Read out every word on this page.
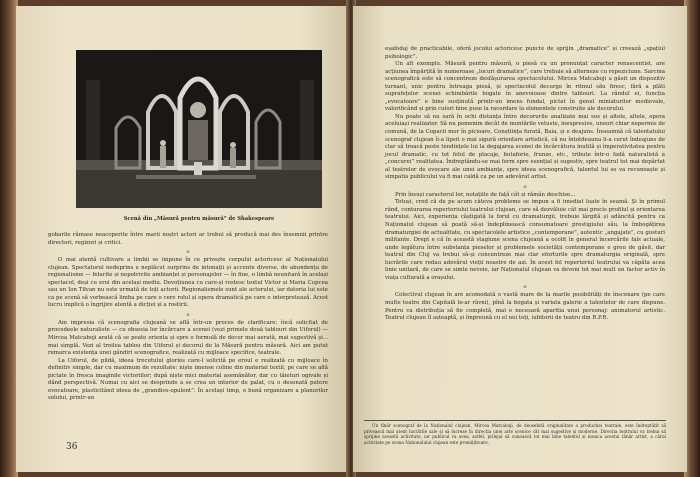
Scenă din „Măsură pentru măsură” de Shakespeare

gobarile rămase neacoperite între marii noștri actori ar trebui să producă mai des însemnii printre directori, regizori și critici.

o

O mai atentă cultivare a limbii se impune în ce privește corpului actoricesc al Naționalului clujean. Spectatorul nedeprins e neplăcut surprins de intonații și accente diverse, de abundența de regionalisme — felurite și nepotrivite ambianței și personajelor — în fine, o limbă neunitară în același spectacol, deși cu eroi din același mediu. Devoțiunea cu care-și rostesc textul Victor și Maria Cupcea sau un Ion Tilvan nu este urmată de toți actorii. Regionalismele sunt ale actorului, iar datoria lui este ca pe scenă să vorbească limba pe care o cere rolul și opera dramatică pe care o interpretează. Acest lucru implică o îngrijire atentă a dicției și a rostirii.

o

Am impresia că scenografia clujeană se află într-un proces de clarificare: încă solicitat de procedeele naturaliste — cu obsesia lor încărcare a scenei (vezi primele două tablouri din Uiforul) — Mircea Matcaboji arată că se poate orienta și spre o formulă de decor mai aerată, mai sugestivă și... mai simplă. Vezi al treilea tablou din Uiforul și decorul de la Măsură pentru măsură. Aici am putut remarca existența unei gândiri scenografice, realizată cu mijloace specifice, teatrale.

La Uiforul, de pildă, ideea trecutului glorios care-l solicită pe eroul e realizată cu mijloace în definitiv simple, dar cu maximum de rezultate: niște imense coline din material textil, pe care se află pictate în fresca imaginile victoriilor; după niște mici material asemănător, dar cu tăieturi ogivale și dând perspectivă. Numai cu aici se desprinde a se crea un interior de palat, cu o desenată putere evocatoare, plasticitând ideea de „grandios-opulent”. În același timp, o bună organizare a planurilor solului, printr-un

36

eșafodaj de practicabile, oferă jocului actoricesc puncte de sprijin „dramatice” și creează „spațiul psihologic”.

Un alt exemplu. Măsură pentru măsură, o piesă cu un pronunțat caracter renascentist, are acțiunea împărțită în numeroase „locuri dramatice”, care trebuie să alterneze cu repeziciune. Sarcina scenograficǎ este să concentreze desfășurarea spectacolului. Mircea Matcaboji a găsit un dispozitiv turnant, unic pentru întreaga piesă, și spectacolul decurge în ritmul său firesc, fără a plăti suprafețelor scenei schimbările bogate în anevoioase dintre tablouri. La rândul ei, funcția „evocatoare” e bine susținută printr-un imens fundal, pictat în genul miniaturilor medievale, valorificând și prin culori bine puse la racordare la elementele construite ale decorului.

Nu poate să nu sară în ochi distanța între decorurile analizate mai sus și altele, altele, opera aceluiași realizator. Să nu pomenim decât de montările vetuste, inexpresive, uneori chiar nepermis de comună, de la Copacii mor în picioare, Conștiința furată, Baia, și e deajuns. Înseamnă că talentatului scenograf clujean îi-a lipsit o mai sigură orientare artistică, că nu întotdeauna li-a cerut îndeajuns de clar să treacă peste tendințele lui la degajarea scenei de încărcătura inutilă și împerativitatea pentru jocul dramatic, cu tot felul de placaje, butaforie, frunze, etc., tribute într-o fadă naturalistă a „concurei” realitatea. Îndreptându-se mai ferm spre esențial și sugestiv, spre teatrul tot mai depărtat al teatrelor de evocare ale unei ambianțe, spre ideea scenografică, talentul lui se va recunoaște și simpatia publicului va fi mai caldă ca pe un adevărat artist.

o

Prin însuși caracterul lor, notațiile de față cât și rămân deschise...

Totuși, cred că de pe acum câteva probleme se impun a fi imediat luate în seamă. Și în primul rând, conturarea repertoriului teatrului clujean, care să dezvăluie cât mai precis profilul și orientarea teatrului. Aici, experiența câștigată la forul cu dramaturgii, trebuie lărgită și adâncită pentru ca Naționalul clujean să poată să-și îndeplinească consumatoare prestigiului său, la îmbogățirea dramaturgiei de actualitate, cu spectacolele artistice „contemporane”, autentic „angajate”, cu gusturi militante. Drept e că în această stagiune scena clujeană a ocolit în general încercările fals actuale, unde legătura între substanța pieselor și problemele societății contemporane e greu de găsit, dar teatrul din Cluj va trebui să-și concentreze mai clar eforturile spre dramaturgia originală, spre lucrările care redau adevărul vieții noastre de azi. În acest fel repertoriul teatrului va căpăta acea linie unitară, de care se simte nevoie, iar Naționalul clujean va deveni tot mai mult un factor activ în viața culturală a orașului.

o

Colectivul clujean în are acomodată o vastă mare de la marile posibilități de înscenare (pe care multe teatre din Capitală le-ar râvni), pînă la bogata și variata galerie a talentelor de care dispune. Pentru ca distribuția să fie completă, mai e necesară aparitia unui personaj: animatorul artistic. Teatrul clujean îl așteaptă, și împreună cu el noi toți, iubitorii de teatru din R.P.R.

Un tînăr scenograf de la Naționalul clujean, Mircea Matcaboji, de deosebită originalitate a producției teatrale, este îndreptățit să privească mai atent lucrările sale și să lucreze în direcția unei arte scenice cât mai sugestive și moderne. Direcția teatrului va trebui să sprijine această activitate, iar publicul va avea, astfel, prilejul să cunoască tot mai bine talentul și munca acestui tânăr artist, a cărui activitate pe scena Naționalului clujean este promițătoare.
